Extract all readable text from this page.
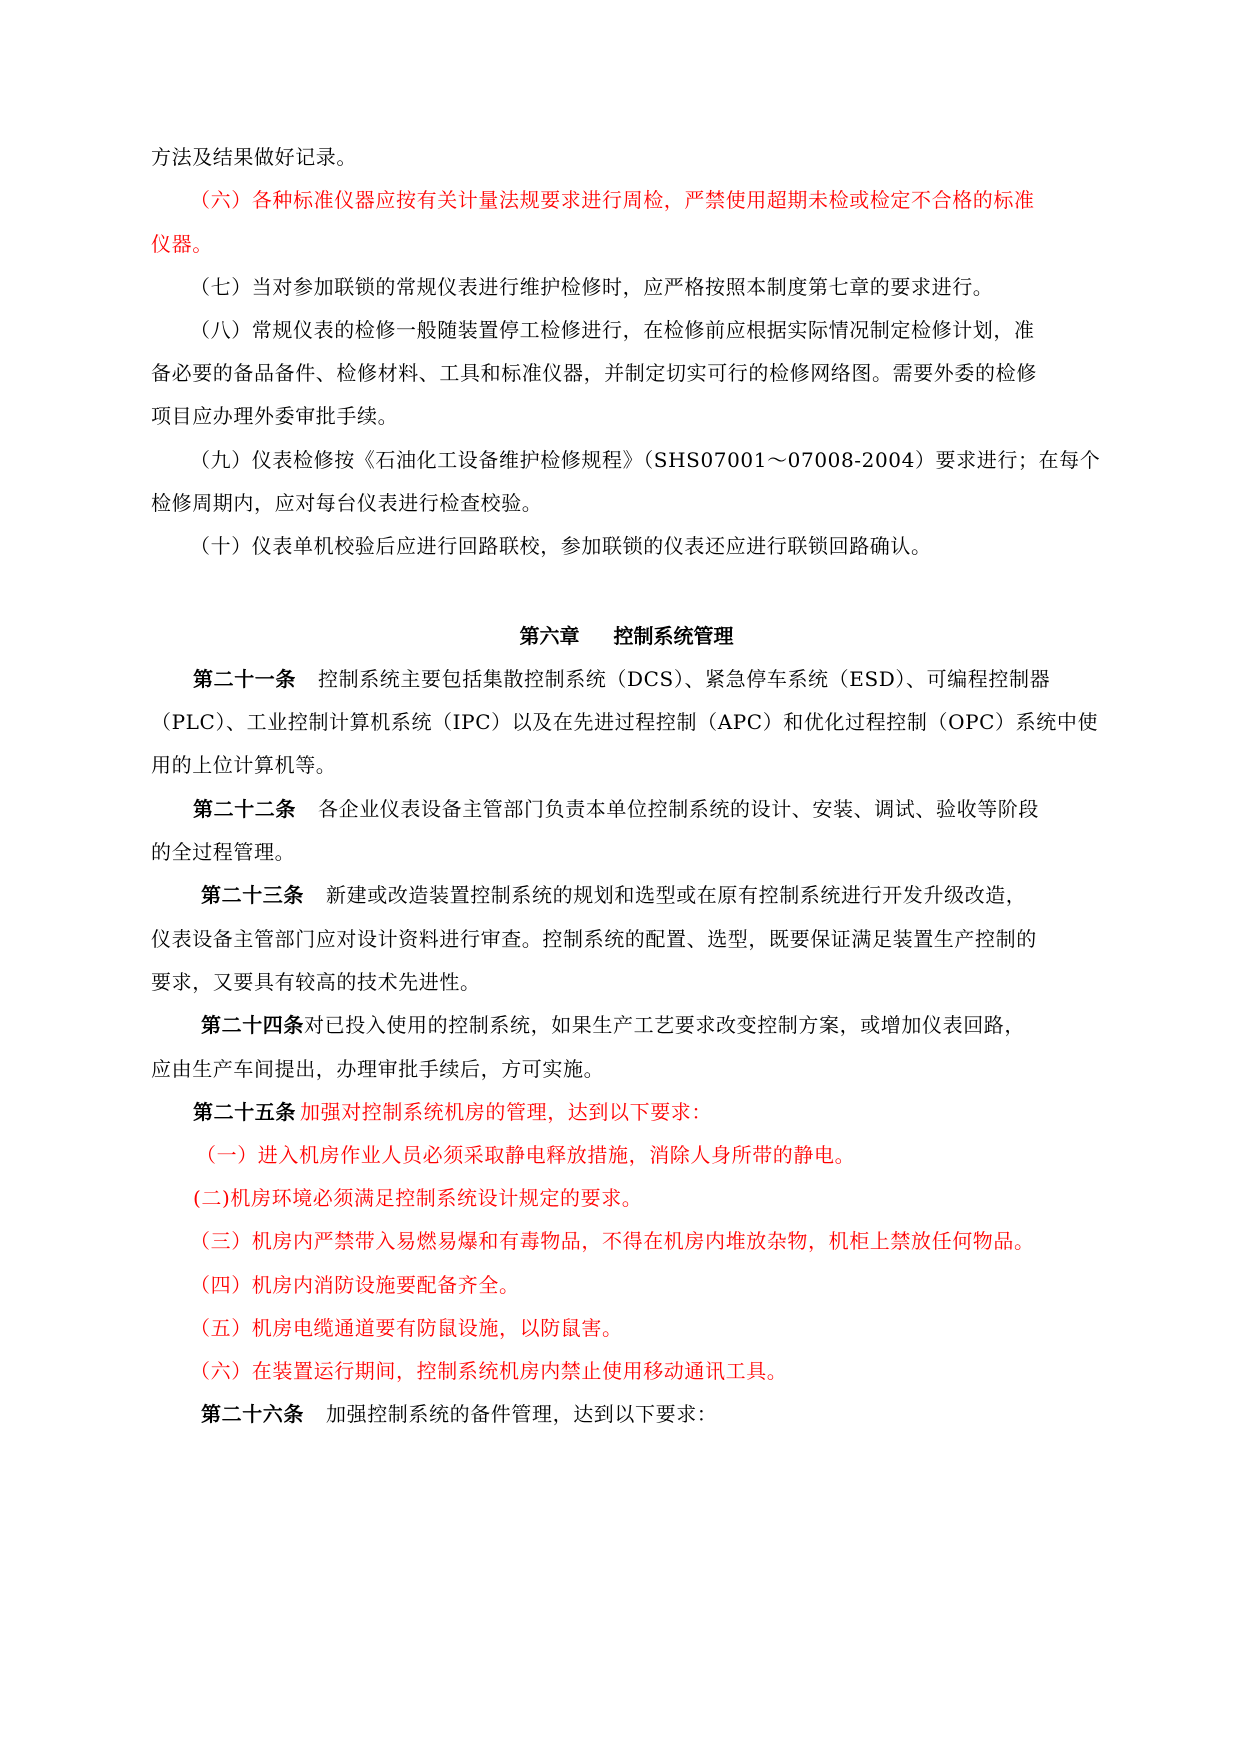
方法及结果做好记录。
（六）各种标准仪器应按有关计量法规要求进行周检，严禁使用超期未检或检定不合格的标准
仪器。
（七）当对参加联锁的常规仪表进行维护检修时，应严格按照本制度第七章的要求进行。
（八）常规仪表的检修一般随装置停工检修进行，在检修前应根据实际情况制定检修计划，准
备必要的备品备件、检修材料、工具和标准仪器，并制定切实可行的检修网络图。需要外委的检修
项目应办理外委审批手续。
（九）仪表检修按《石油化工设备维护检修规程》（SHS07001～07008-2004）要求进行；在每个
检修周期内，应对每台仪表进行检查校验。
（十）仪表单机校验后应进行回路联校，参加联锁的仪表还应进行联锁回路确认。
第六章 控制系统管理
第二十一条 控制系统主要包括集散控制系统（DCS）、紧急停车系统（ESD）、可编程控制器
（PLC）、工业控制计算机系统（IPC）以及在先进过程控制（APC）和优化过程控制（OPC）系统中使
用的上位计算机等。
第二十二条 各企业仪表设备主管部门负责本单位控制系统的设计、安装、调试、验收等阶段
的全过程管理。
第二十三条 新建或改造装置控制系统的规划和选型或在原有控制系统进行开发升级改造，
仪表设备主管部门应对设计资料进行审查。控制系统的配置、选型，既要保证满足装置生产控制的
要求，又要具有较高的技术先进性。
第二十四条对已投入使用的控制系统，如果生产工艺要求改变控制方案，或增加仪表回路，
应由生产车间提出，办理审批手续后，方可实施。
第二十五条 加强对控制系统机房的管理，达到以下要求：
（一）进入机房作业人员必须采取静电释放措施，消除人身所带的静电。
(二)机房环境必须满足控制系统设计规定的要求。
（三）机房内严禁带入易燃易爆和有毒物品，不得在机房内堆放杂物，机柜上禁放任何物品。
（四）机房内消防设施要配备齐全。
（五）机房电缆通道要有防鼠设施，以防鼠害。
（六）在装置运行期间，控制系统机房内禁止使用移动通讯工具。
第二十六条 加强控制系统的备件管理，达到以下要求：
